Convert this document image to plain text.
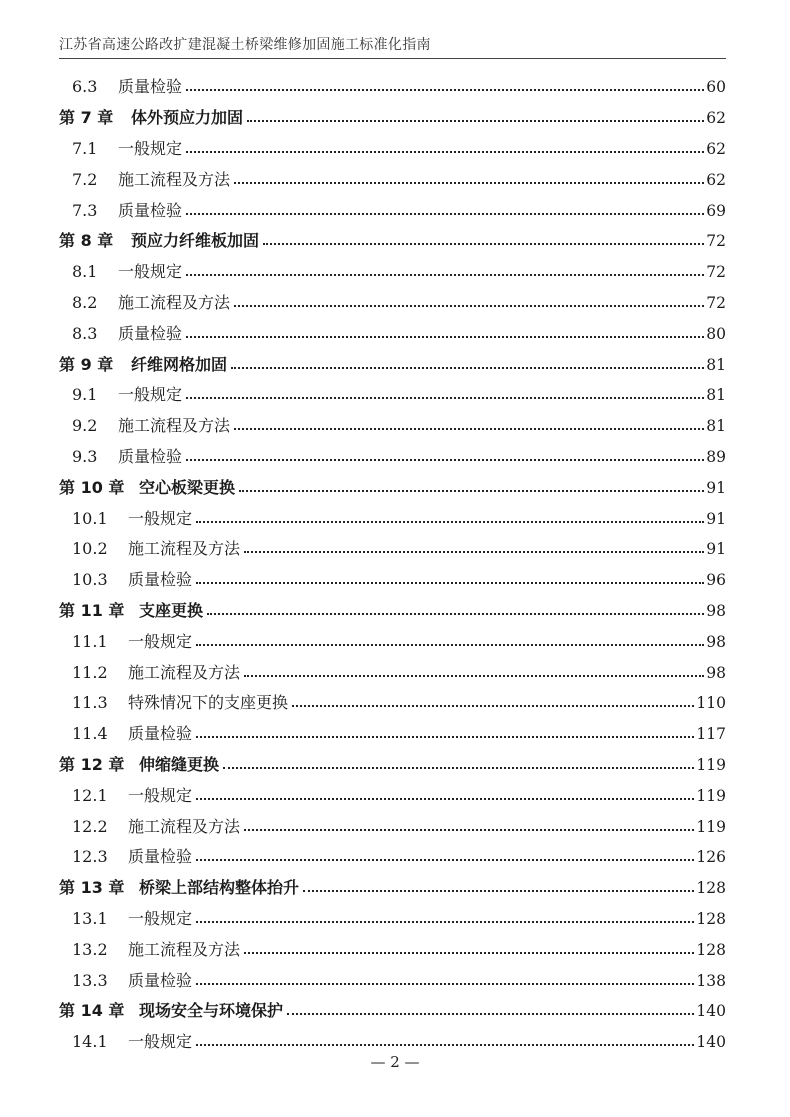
江苏省高速公路改扩建混凝土桥梁维修加固施工标准化指南
6.3	质量检验	60
第 7 章	体外预应力加固	62
7.1	一般规定	62
7.2	施工流程及方法	62
7.3	质量检验	69
第 8 章	预应力纤维板加固	72
8.1	一般规定	72
8.2	施工流程及方法	72
8.3	质量检验	80
第 9 章	纤维网格加固	81
9.1	一般规定	81
9.2	施工流程及方法	81
9.3	质量检验	89
第 10 章 空心板梁更换	91
10.1	一般规定	91
10.2	施工流程及方法	91
10.3	质量检验	96
第 11 章 支座更换	98
11.1	一般规定	98
11.2	施工流程及方法	98
11.3	特殊情况下的支座更换	110
11.4	质量检验	117
第 12 章 伸缩缝更换	119
12.1	一般规定	119
12.2	施工流程及方法	119
12.3	质量检验	126
第 13 章 桥梁上部结构整体抬升	128
13.1	一般规定	128
13.2	施工流程及方法	128
13.3	质量检验	138
第 14 章 现场安全与环境保护	140
14.1	一般规定	140
— 2 —
